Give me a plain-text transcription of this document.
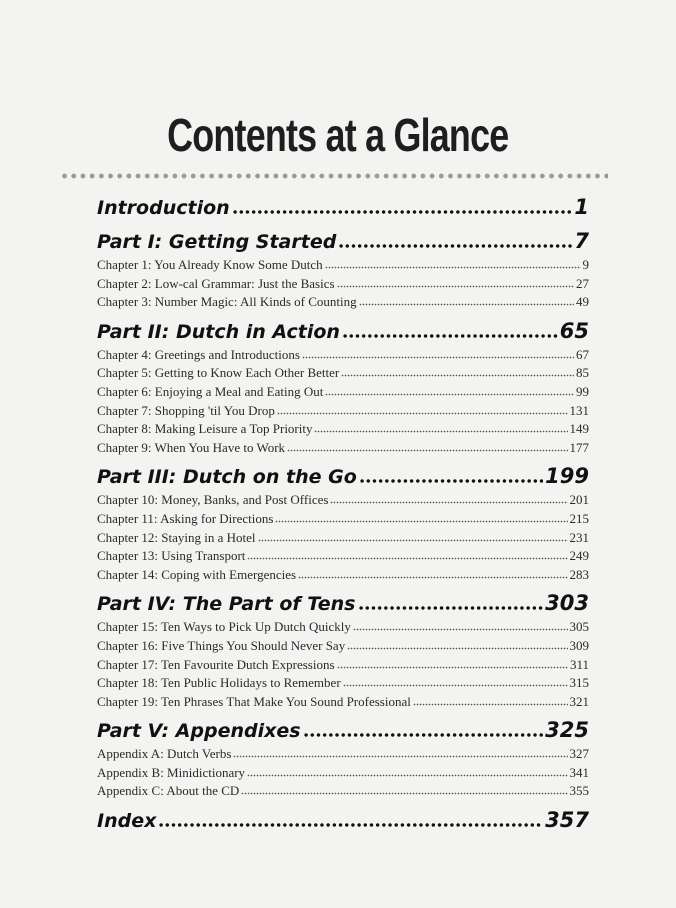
Contents at a Glance
Introduction	1
Part I: Getting Started	7
Chapter 1: You Already Know Some Dutch	9
Chapter 2: Low-cal Grammar: Just the Basics	27
Chapter 3: Number Magic: All Kinds of Counting	49
Part II: Dutch in Action	65
Chapter 4: Greetings and Introductions	67
Chapter 5: Getting to Know Each Other Better	85
Chapter 6: Enjoying a Meal and Eating Out	99
Chapter 7: Shopping 'til You Drop	131
Chapter 8: Making Leisure a Top Priority	149
Chapter 9: When You Have to Work	177
Part III: Dutch on the Go	199
Chapter 10: Money, Banks, and Post Offices	201
Chapter 11: Asking for Directions	215
Chapter 12: Staying in a Hotel	231
Chapter 13: Using Transport	249
Chapter 14: Coping with Emergencies	283
Part IV: The Part of Tens	303
Chapter 15: Ten Ways to Pick Up Dutch Quickly	305
Chapter 16: Five Things You Should Never Say	309
Chapter 17: Ten Favourite Dutch Expressions	311
Chapter 18: Ten Public Holidays to Remember	315
Chapter 19: Ten Phrases That Make You Sound Professional	321
Part V: Appendixes	325
Appendix A: Dutch Verbs	327
Appendix B: Minidictionary	341
Appendix C: About the CD	355
Index	357
